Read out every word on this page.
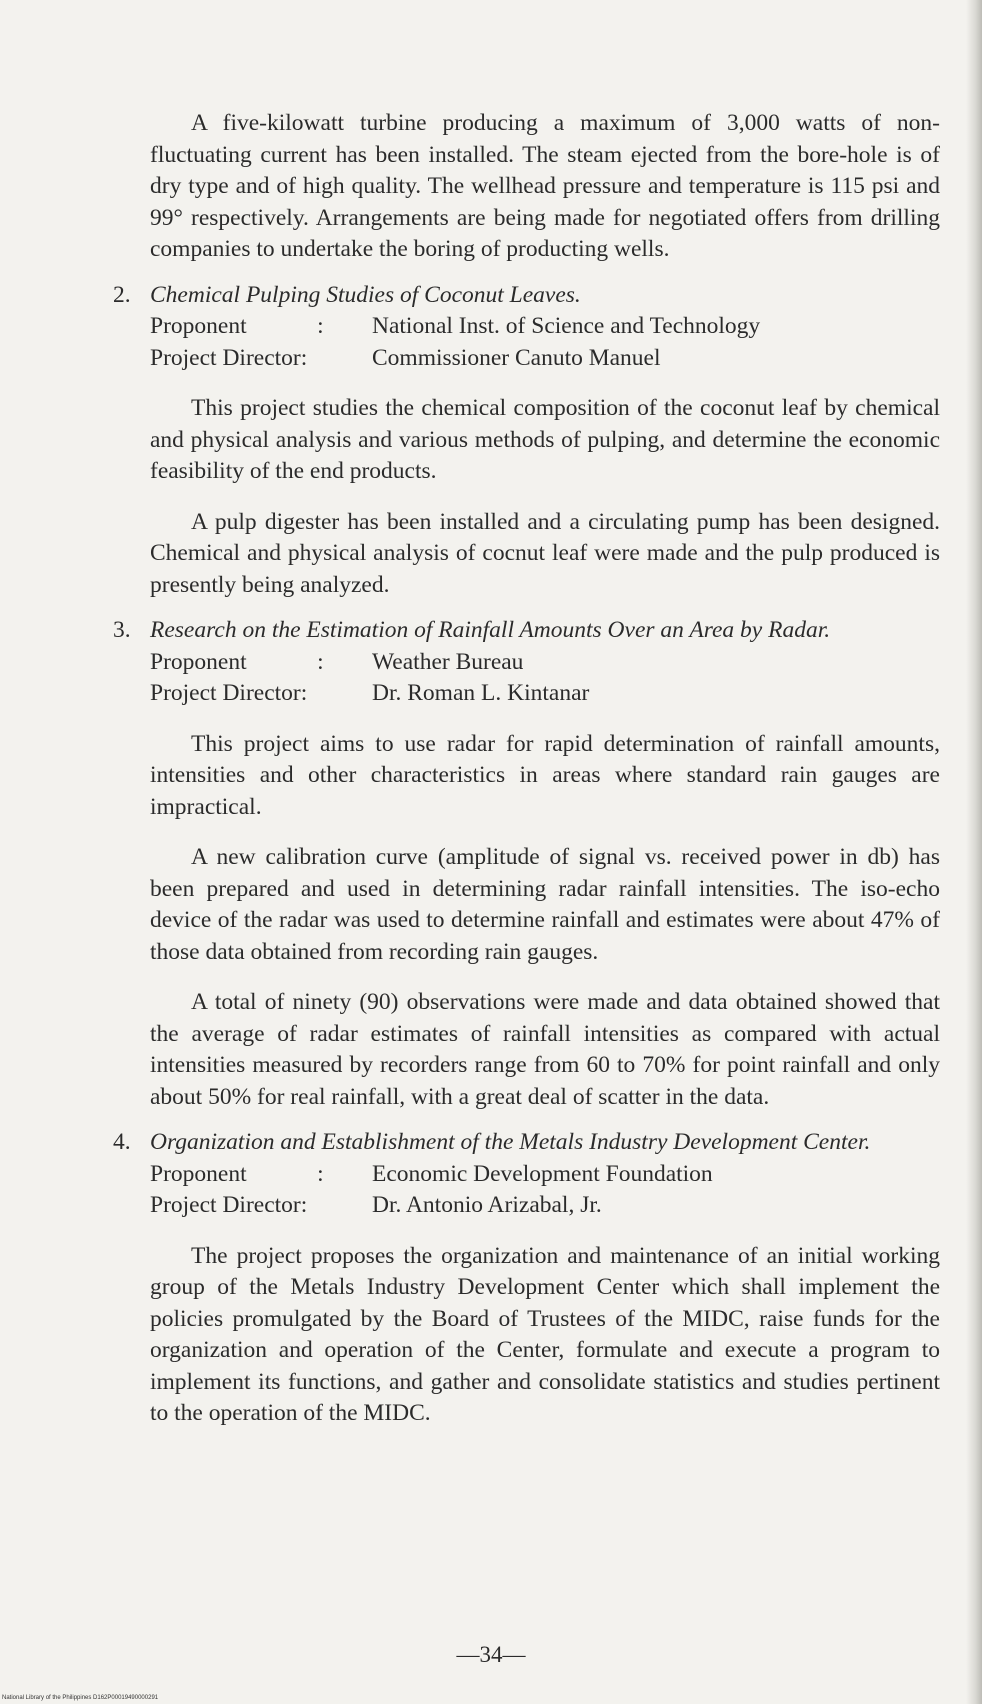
A five-kilowatt turbine producing a maximum of 3,000 watts of non-fluctuating current has been installed. The steam ejected from the bore-hole is of dry type and of high quality. The wellhead pressure and temperature is 115 psi and 99° respectively. Arrangements are being made for negotiated offers from drilling companies to undertake the boring of producting wells.

2. Chemical Pulping Studies of Coconut Leaves.
Proponent            :	National Inst. of Science and Technology
Project Director:	Commissioner Canuto Manuel

This project studies the chemical composition of the coconut leaf by chemical and physical analysis and various methods of pulping, and determine the economic feasibility of the end products.

A pulp digester has been installed and a circulating pump has been designed. Chemical and physical analysis of cocnut leaf were made and the pulp produced is presently being analyzed.

3. Research on the Estimation of Rainfall Amounts Over an Area by Radar.
Proponent            :	Weather Bureau
Project Director:	Dr. Roman L. Kintanar

This project aims to use radar for rapid determination of rainfall amounts, intensities and other characteristics in areas where standard rain gauges are impractical.

A new calibration curve (amplitude of signal vs. received power in db) has been prepared and used in determining radar rainfall intensities. The iso-echo device of the radar was used to determine rainfall and estimates were about 47% of those data obtained from recording rain gauges.

A total of ninety (90) observations were made and data obtained showed that the average of radar estimates of rainfall intensities as compared with actual intensities measured by recorders range from 60 to 70% for point rainfall and only about 50% for real rainfall, with a great deal of scatter in the data.

4. Organization and Establishment of the Metals Industry Development Center.
Proponent            :	Economic Development Foundation
Project Director:	Dr. Antonio Arizabal, Jr.

The project proposes the organization and maintenance of an initial working group of the Metals Industry Development Center which shall implement the policies promulgated by the Board of Trustees of the MIDC, raise funds for the organization and operation of the Center, formulate and execute a program to implement its functions, and gather and consolidate statistics and studies pertinent to the operation of the MIDC.

—34—
National Library of the Philippines D162P00019490000291
